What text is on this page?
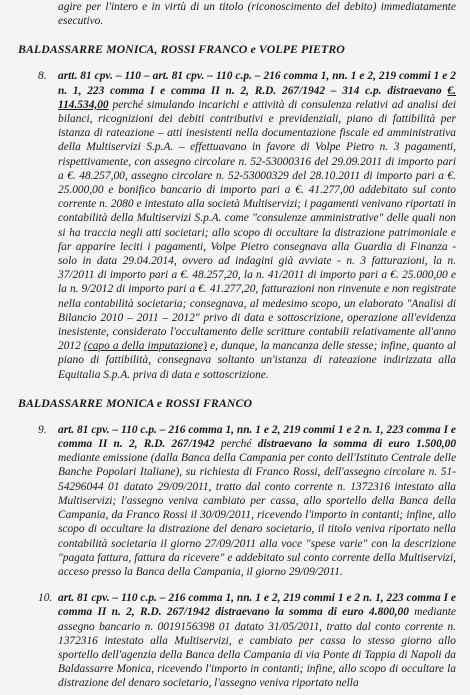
agire per l'intero e in virtù di un titolo (riconoscimento del debito) immediatamente esecutivo.

BALDASSARRE MONICA, ROSSI FRANCO e VOLPE PIETRO

8. artt. 81 cpv. – 110 – art. 81 cpv. – 110 c.p. – 216 comma 1, nn. 1 e 2, 219 commi 1 e 2 n. 1, 223 comma I e comma II n. 2, R.D. 267/1942 – 314 c.p. distraevano €. 114.534,00 perché simulando incarichi e attività di consulenza relativi ad analisi dei bilanci, ricognizioni dei debiti contributivi e previdenziali, piano di fattibilità per istanza di rateazione – atti inesistenti nella documentazione fiscale ed amministrativa della Multiservizi S.p.A. – effettuavano in favore di Volpe Pietro n. 3 pagamenti, rispettivamente, con assegno circolare n. 52-53000316 del 29.09.2011 di importo pari a €. 48.257,00, assegno circolare n. 52-53000329 del 28.10.2011 di importo pari a €. 25.000,00 e bonifico bancario di importo pari a €. 41.277,00 addebitato sul conto corrente n. 2080 e intestato alla società Multiservizi; i pagamenti venivano riportati in contabilità della Multiservizi S.p.A. come "consulenze amministrative" delle quali non si ha traccia negli atti societari; allo scopo di occultare la distrazione patrimoniale e far apparire leciti i pagamenti, Volpe Pietro consegnava alla Guardia di Finanza - solo in data 29.04.2014, ovvero ad indagini già avviate - n. 3 fatturazioni, la n. 37/2011 di importo pari a €. 48.257,20, la n. 41/2011 di importo pari a €. 25.000,00 e la n. 9/2012 di importo pari a €. 41.277,20, fatturazioni non rinvenute e non registrate nella contabilità societaria; consegnava, al medesimo scopo, un elaborato "Analisi di Bilancio 2010 – 2011 – 2012" privo di data e sottoscrizione, operazione all'evidenza inesistente, considerato l'occultamento delle scritture contabili relativamente all'anno 2012 (capo a della imputazione) e, dunque, la mancanza delle stesse; infine, quanto al piano di fattibilità, consegnava soltanto un'istanza di rateazione indirizzata alla Equitalia S.p.A. priva di data e sottoscrizione.

BALDASSARRE MONICA e ROSSI FRANCO

9. art. 81 cpv. – 110 c.p. – 216 comma 1, nn. 1 e 2, 219 commi 1 e 2 n. 1, 223 comma I e comma II n. 2, R.D. 267/1942 perché distraevano la somma di euro 1.500,00 mediante emissione (dalla Banca della Campania per conto dell'Istituto Centrale delle Banche Popolari Italiane), su richiesta di Franco Rossi, dell'assegno circolare n. 51-54296044 01 datato 29/09/2011, tratto dal conto corrente n. 1372316 intestato alla Multiservizi; l'assegno veniva cambiato per cassa, allo sportello della Banca della Campania, da Franco Rossi il 30/09/2011, ricevendo l'importo in contanti; infine, allo scopo di occultare la distrazione del denaro societario, il titolo veniva riportato nella contabilità societaria il giorno 27/09/2011 alla voce "spese varie" con la descrizione "pagata fattura, fattura da ricevere" e addebitato sul conto corrente della Multiservizi, acceso presso la Banca della Campania, il giorno 29/09/2011.

10. art. 81 cpv. – 110 c.p. – 216 comma 1, nn. 1 e 2, 219 commi 1 e 2 n. 1, 223 comma I e comma II n. 2, R.D. 267/1942 distraevano la somma di euro 4.800,00 mediante assegno bancario n. 0019156398 01 datato 31/05/2011, tratto dal conto corrente n. 1372316 intestato alla Multiservizi, e cambiato per cassa lo stesso giorno allo sportello dell'agenzia della Banca della Campania di via Ponte di Tappia di Napoli da Baldassarre Monica, ricevendo l'importo in contanti; infine, allo scopo di occultare la distrazione del denaro societario, l'assegno veniva riportato nella
